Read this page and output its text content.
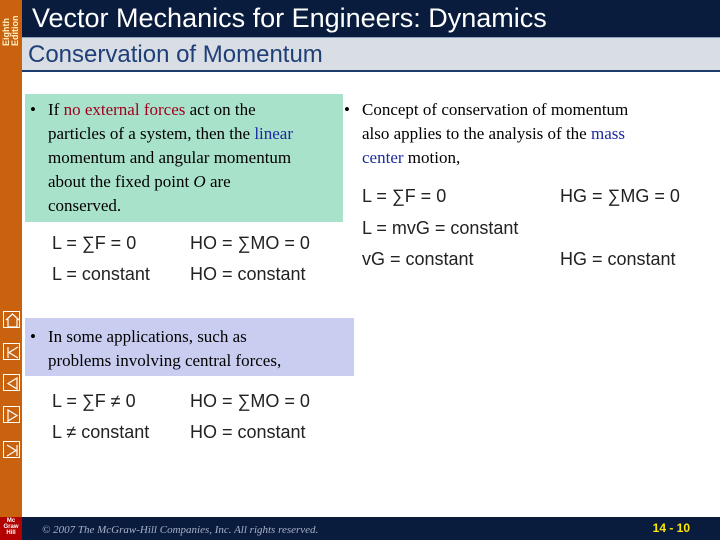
Eighth Edition
Mc Graw Hill
Vector Mechanics for Engineers: Dynamics
Conservation of Momentum
• If no external forces act on the
particles of a system, then the linear
momentum and angular momentum
about the fixed point O are
conserved.
• Concept of conservation of momentum
also applies to the analysis of the mass
center motion,
L = ∑F = 0
L = constant
HO = ∑MO = 0
HO = constant
L = ∑F = 0
L = mvG = constant
vG = constant
HG = ∑MG = 0
HG = constant
• In some applications, such as
problems involving central forces,
L = ∑F ≠ 0
L ≠ constant
HO = ∑MO = 0
HO = constant
© 2007 The McGraw-Hill Companies, Inc. All rights reserved.	14 - 10
